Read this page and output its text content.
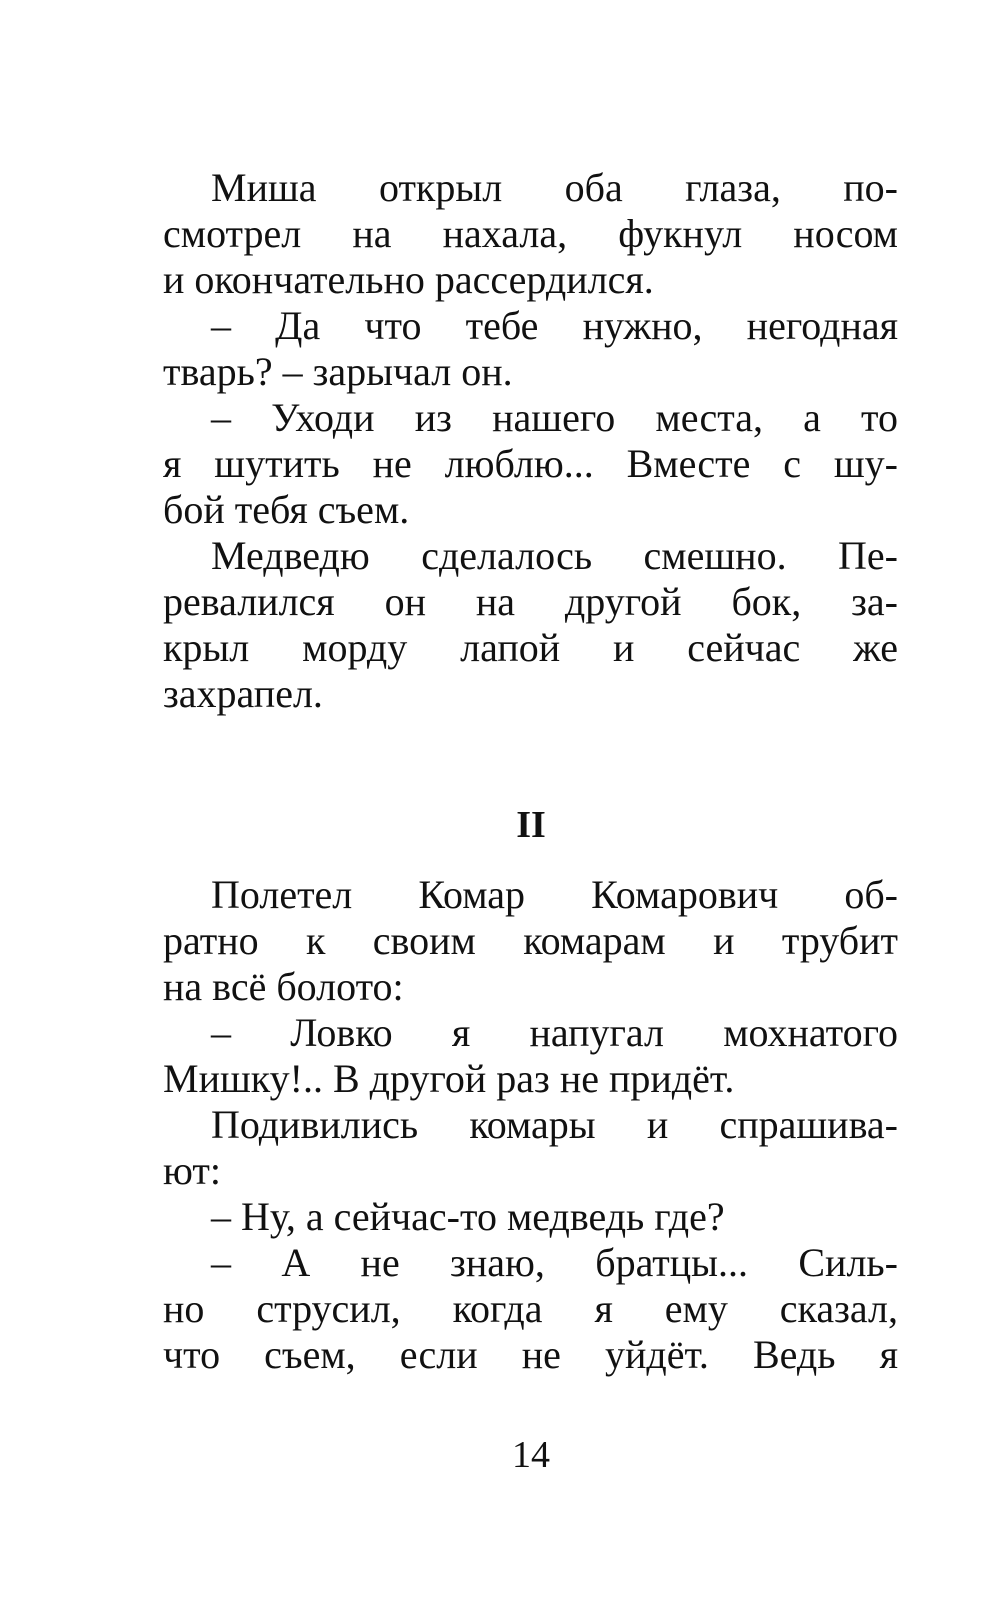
Миша открыл оба глаза, по-
смотрел на нахала, фукнул носом
и окончательно рассердился.
– Да что тебе нужно, негодная
тварь? – зарычал он.
– Уходи из нашего места, а то
я шутить не люблю... Вместе с шу-
бой тебя съем.
Медведю сделалось смешно. Пе-
ревалился он на другой бок, за-
крыл морду лапой и сейчас же
захрапел.
II
Полетел Комар Комарович об-
ратно к своим комарам и трубит
на всё болото:
– Ловко я напугал мохнатого
Мишку!.. В другой раз не придёт.
Подивились комары и спрашива-
ют:
– Ну, а сейчас-то медведь где?
– А не знаю, братцы... Силь-
но струсил, когда я ему сказал,
что съем, если не уйдёт. Ведь я
14
